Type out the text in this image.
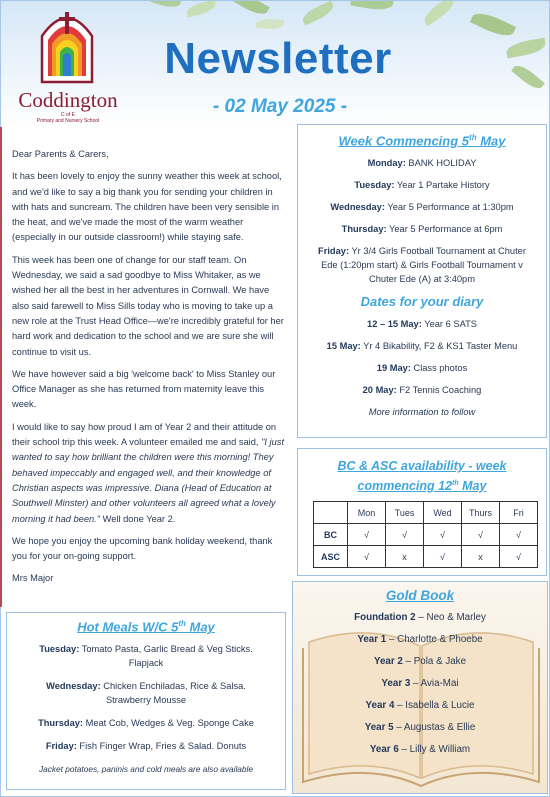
Coddington
C of E
Primary and Nursery School
Newsletter
- 02 May 2025 -

Dear Parents & Carers,

It has been lovely to enjoy the sunny weather this week at school, and we'd like to say a big thank you for sending your children in with hats and suncream. The children have been very sensible in the heat, and we've made the most of the warm weather (especially in our outside classroom!) while staying safe.

This week has been one of change for our staff team. On Wednesday, we said a sad goodbye to Miss Whitaker, as we wished her all the best in her adventures in Cornwall. We have also said farewell to Miss Sills today who is moving to take up a new role at the Trust Head Office—we're incredibly grateful for her hard work and dedication to the school and we are sure she will continue to visit us.

We have however said a big 'welcome back' to Miss Stanley our Office Manager as she has returned from maternity leave this week.

I would like to say how proud I am of Year 2 and their attitude on their school trip this week. A volunteer emailed me and said, "I just wanted to say how brilliant the children were this morning! They behaved impeccably and engaged well, and their knowledge of Christian aspects was impressive. Diana (Head of Education at Southwell Minster) and other volunteers all agreed what a lovely morning it had been." Well done Year 2.

We hope you enjoy the upcoming bank holiday weekend, thank you for your on-going support.

Mrs Major

Week Commencing 5th May
Monday: BANK HOLIDAY
Tuesday: Year 1 Partake History
Wednesday: Year 5 Performance at 1:30pm
Thursday: Year 5 Performance at 6pm
Friday: Yr 3/4 Girls Football Tournament at Chuter Ede (1:20pm start) & Girls Football Tournament v Chuter Ede (A) at 3:40pm
Dates for your diary
12 – 15 May: Year 6 SATS
15 May: Yr 4 Bikability, F2 & KS1 Taster Menu
19 May: Class photos
20 May: F2 Tennis Coaching
More information to follow
BC & ASC availability - week commencing 12th May
	Mon	Tues	Wed	Thurs	Fri
BC	√	√	√	√	√
ASC	√	x	√	x	√
Hot Meals W/C 5th May
Tuesday: Tomato Pasta, Garlic Bread & Veg Sticks. Flapjack
Wednesday: Chicken Enchiladas, Rice & Salsa. Strawberry Mousse
Thursday: Meat Cob, Wedges & Veg. Sponge Cake
Friday: Fish Finger Wrap, Fries & Salad. Donuts
Jacket potatoes, paninis and cold meals are also available
Gold Book
Foundation 2 – Neo & Marley
Year 1 – Charlotte & Phoebe
Year 2 – Pola & Jake
Year 3 – Avia-Mai
Year 4 – Isabella & Lucie
Year 5 – Augustas & Ellie
Year 6 – Lilly & William
